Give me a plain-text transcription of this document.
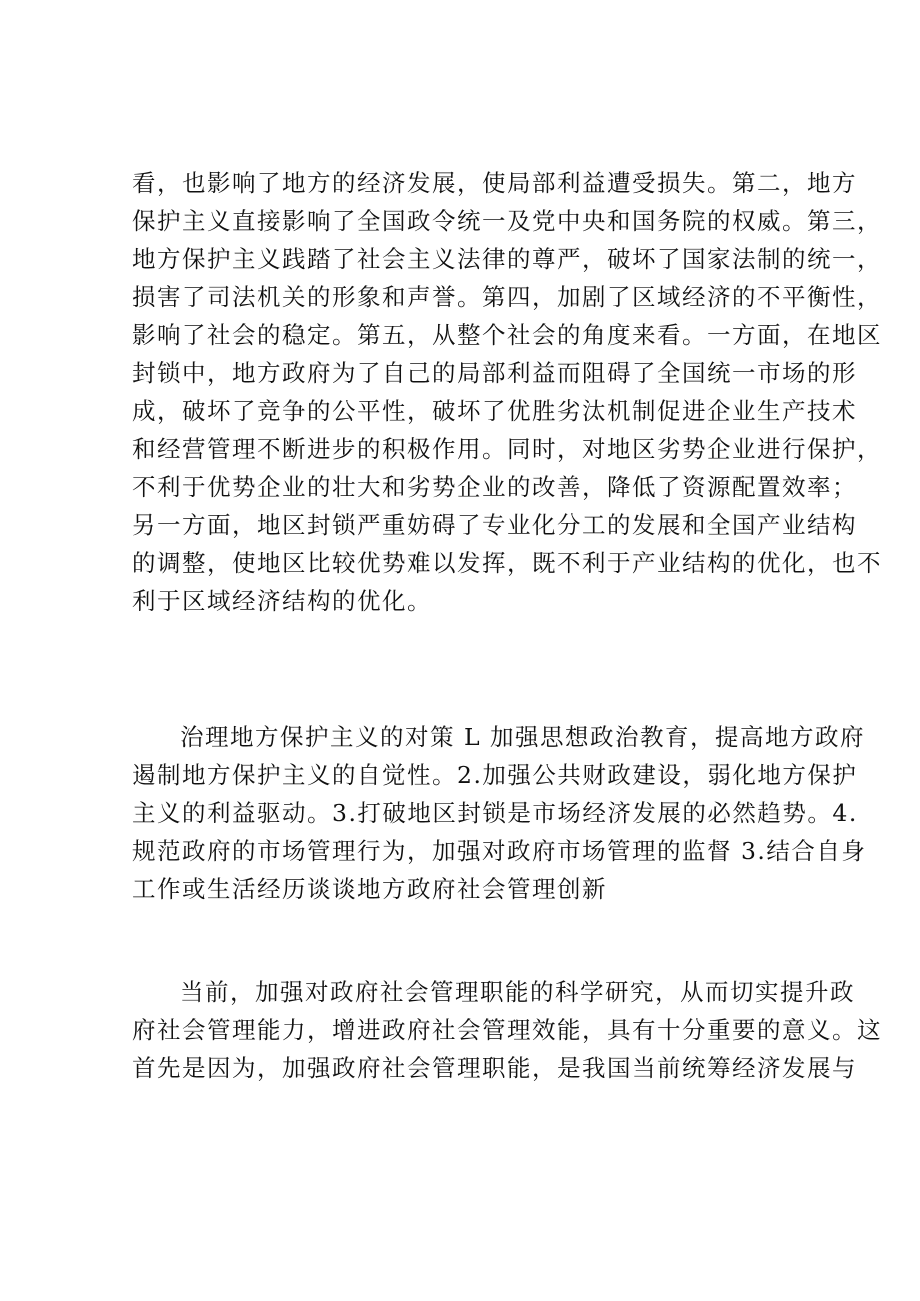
看，也影响了地方的经济发展，使局部利益遭受损失。第二，地方
保护主义直接影响了全国政令统一及党中央和国务院的权威。第三，
地方保护主义践踏了社会主义法律的尊严，破坏了国家法制的统一，
损害了司法机关的形象和声誉。第四，加剧了区域经济的不平衡性，
影响了社会的稳定。第五，从整个社会的角度来看。一方面，在地区
封锁中，地方政府为了自己的局部利益而阻碍了全国统一市场的形
成，破坏了竞争的公平性，破坏了优胜劣汰机制促进企业生产技术
和经营管理不断进步的积极作用。同时，对地区劣势企业进行保护，
不利于优势企业的壮大和劣势企业的改善，降低了资源配置效率；
另一方面，地区封锁严重妨碍了专业化分工的发展和全国产业结构
的调整，使地区比较优势难以发挥，既不利于产业结构的优化，也不
利于区域经济结构的优化。
治理地方保护主义的对策 L 加强思想政治教育，提高地方政府
遏制地方保护主义的自觉性。2.加强公共财政建设，弱化地方保护
主义的利益驱动。3.打破地区封锁是市场经济发展的必然趋势。4.
规范政府的市场管理行为，加强对政府市场管理的监督 3.结合自身
工作或生活经历谈谈地方政府社会管理创新
当前，加强对政府社会管理职能的科学研究，从而切实提升政
府社会管理能力，增进政府社会管理效能，具有十分重要的意义。这
首先是因为，加强政府社会管理职能，是我国当前统筹经济发展与
